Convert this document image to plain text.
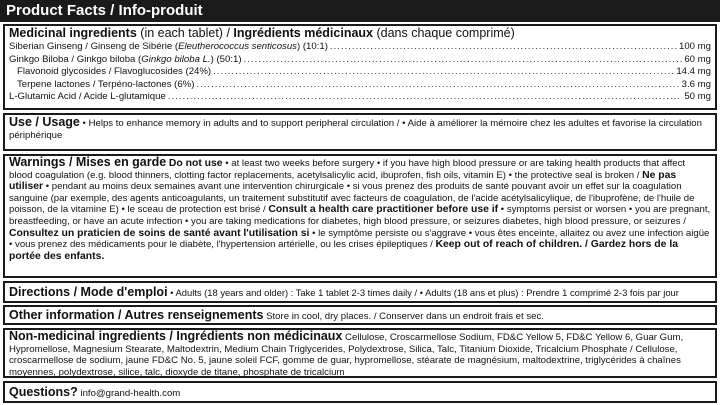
Product Facts / Info-produit
Medicinal ingredients (in each tablet) / Ingrédients médicinaux (dans chaque comprimé)
Siberian Ginseng / Ginseng de Sibérie (Eleutherococcus senticosus) (10:1) .....	100 mg
Ginkgo Biloba / Ginkgo biloba (Ginkgo biloba L.) (50:1) .....	60 mg
Flavonoid glycosides / Flavoglucosides (24%) .....	14.4 mg
Terpene lactones / Terpéno-lactones (6%) .....	3.6 mg
L-Glutamic Acid / Acide L-glutamique .....	50 mg
Use / Usage • Helps to enhance memory in adults and to support peripheral circulation / • Aide à améliorer la mémoire chez les adultes et favorise la circulation périphérique
Warnings / Mises en garde Do not use • at least two weeks before surgery • if you have high blood pressure or are taking health products that affect blood coagulation (e.g. blood thinners, clotting factor replacements, acetylsalicylic acid, ibuprofen, fish oils, vitamin E) • the protective seal is broken / Ne pas utiliser • pendant au moins deux semaines avant une intervention chirurgicale • si vous prenez des produits de santé pouvant avoir un effet sur la coagulation sanguine (par exemple, des agents anticoagulants, un traitement substitutif avec facteurs de coagulation, de l'acide acétylsalicylique, de l'ibuprofène, de l'huile de poisson, de la vitamine E) • le sceau de protection est brisé / Consult a health care practitioner before use if • symptoms persist or worsen • you are pregnant, breastfeeding, or have an acute infection • you are taking medications for diabetes, high blood pressure, or seizures diabetes, high blood pressure, or seizures / Consultez un praticien de soins de santé avant l'utilisation si • le symptôme persiste ou s'aggrave • vous êtes enceinte, allaitez ou avez une infection aigüe • vous prenez des médicaments pour le diabète, l'hypertension artérielle, ou les crises épileptiques / Keep out of reach of children. / Gardez hors de la portée des enfants.
Directions / Mode d'emploi • Adults (18 years and older) : Take 1 tablet 2-3 times daily / • Adults (18 ans et plus) : Prendre 1 comprimé 2-3 fois par jour
Other information / Autres renseignements Store in cool, dry places. / Conserver dans un endroit frais et sec.
Non-medicinal ingredients / Ingrédients non médicinaux Cellulose, Croscarmellose Sodium, FD&C Yellow 5, FD&C Yellow 6, Guar Gum, Hypromellose, Magnesium Stearate, Maltodextrin, Medium Chain Triglycerides, Polydextrose, Silica, Talc, Titanium Dioxide, Tricalcium Phosphate / Cellulose, croscarmellose de sodium, jaune FD&C No. 5, jaune soleil FCF, gomme de guar, hypromellose, stéarate de magnésium, maltodextrine, triglycérides à chaînes moyennes, polydextrose, silice, talc, dioxyde de titane, phosphate de tricalcium
Questions? info@grand-health.com
